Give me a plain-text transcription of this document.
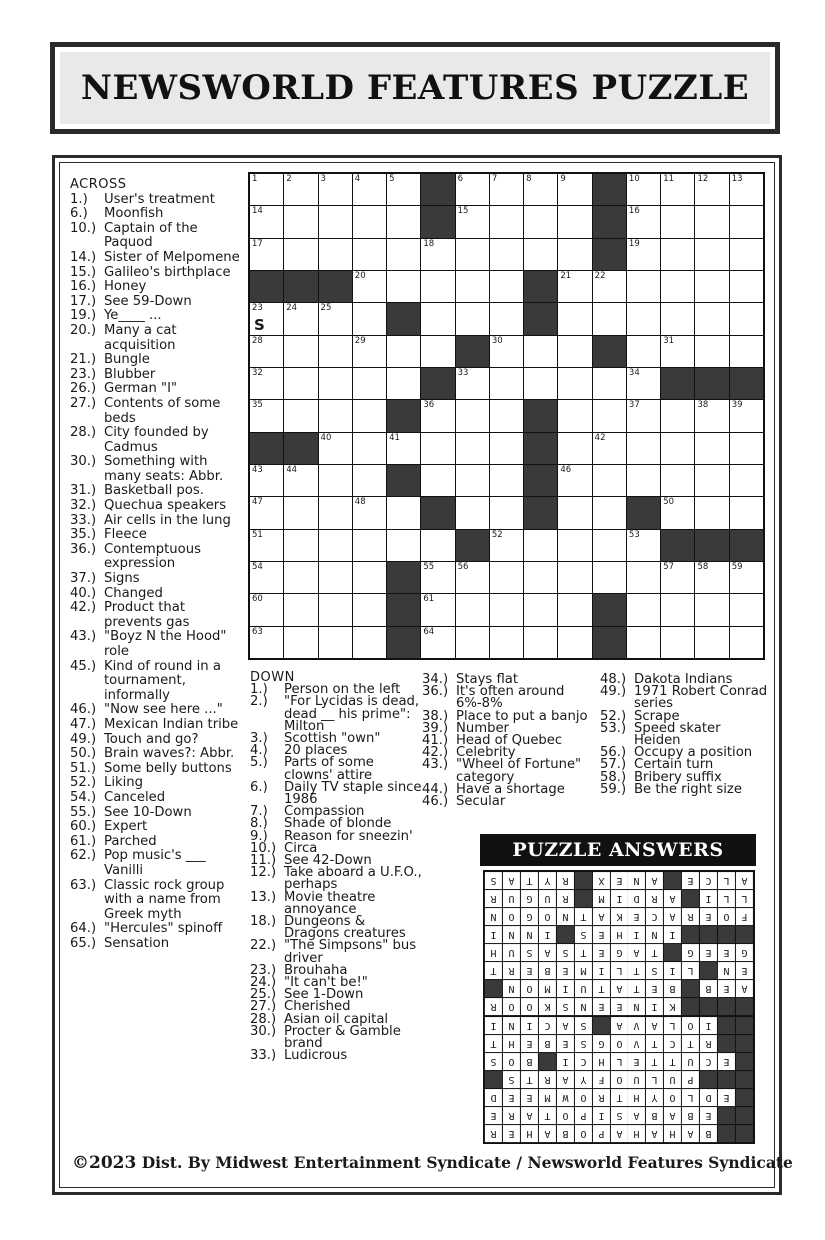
NEWSWORLD FEATURES PUZZLE
ACROSS
1.)	User's treatment
6.)	Moonfish
10.) Captain of the Paquod
14.) Sister of Melpomene
15.) Galileo's birthplace
16.) Honey
17.) See 59-Down
19.) Ye____ ...
20.) Many a cat acquisition
21.) Bungle
23.) Blubber
26.) German "I"
27.) Contents of some beds
28.) City founded by Cadmus
30.) Something with many seats: Abbr.
31.) Basketball pos.
32.) Quechua speakers
33.) Air cells in the lung
35.) Fleece
36.) Contemptuous expression
37.) Signs
40.) Changed
42.) Product that prevents gas
43.) "Boyz N the Hood" role
45.) Kind of round in a tournament, informally
46.) "Now see here ..."
47.) Mexican Indian tribe
49.) Touch and go?
50.) Brain waves?: Abbr.
51.) Some belly buttons
52.) Liking
54.) Canceled
55.) See 10-Down
60.) Expert
61.) Parched
62.) Pop music's ___ Vanilli
63.) Classic rock group with a name from Greek myth
64.) "Hercules" spinoff
65.) Sensation
1	2	3	4	5	6	7	8	9	10	11	12	13
14	15	16
17	18	19
20	21	22
23
S
24	25
28	29	30	31
32	33	34
35	36	37	38	39
40	41	42
43	44	46
47	48	50
51	52	53
54	55	56	57	58	59
60	61
63	64
DOWN
1.)	Person on the left
2.)	"For Lycidas is dead, dead __ his prime": Milton
3.)	Scottish "own"
4.)	20 places
5.)	Parts of some clowns' attire
6.)	Daily TV staple since 1986
7.)	Compassion
8.)	Shade of blonde
9.)	Reason for sneezin'
10.) Circa
11.) See 42-Down
12.) Take aboard a U.F.O., perhaps
13.) Movie theatre annoyance
18.) Dungeons & Dragons creatures
22.) "The Simpsons" bus driver
23.) Brouhaha
24.) "It can't be!"
25.) See 1-Down
27.) Cherished
28.) Asian oil capital
30.) Procter & Gamble brand
33.) Ludicrous
34.) Stays flat
36.) It's often around 6%-8%
38.) Place to put a banjo
39.) Number
41.) Head of Quebec
42.) Celebrity
43.) "Wheel of Fortune" category
44.) Have a shortage
46.) Secular
48.) Dakota Indians
49.) 1971 Robert Conrad series
52.) Scrape
53.) Speed skater Heiden
56.) Occupy a position
57.) Certain turn
58.) Bribery suffix
59.) Be the right size
PUZZLE ANSWERS
S	A	T	Y	R	X	E	N	A	E	C	L	A
R	U	G	U	R	M	I	D	R	A	I	L	L
N	O	G	O	N	T	A	K	E	C	A	R	E	O	F
I	N	N	I	S	E	H	I	N	I
H	U	S	A	S	T	E	G	A	T	G	E	E	G
T	R	E	B	E	M	I	L	T	S	I	L	N	E
N	O	M	I	U	T	A	T	E	B	B	E	A
R	O	O	K	S	N	E	E	N	I	K
I	N	I	C	A	S	A	V	A	L	O	I
T	H	E	B	E	S	G	O	V	T	C	T	R
S	O	B	I	C	H	L	E	T	T	U	C	E
S	T	R	A	Y	F	O	U	L	U	P
D	E	E	M	W	O	R	T	H	Y	O	L	D	E
E	R	A	T	O	P	I	S	A	B	A	B	E
R	E	H	A	B	O	P	A	H	A	H	A	B
©2023 Dist. By Midwest Entertainment Syndicate / Newsworld Features Syndicate
